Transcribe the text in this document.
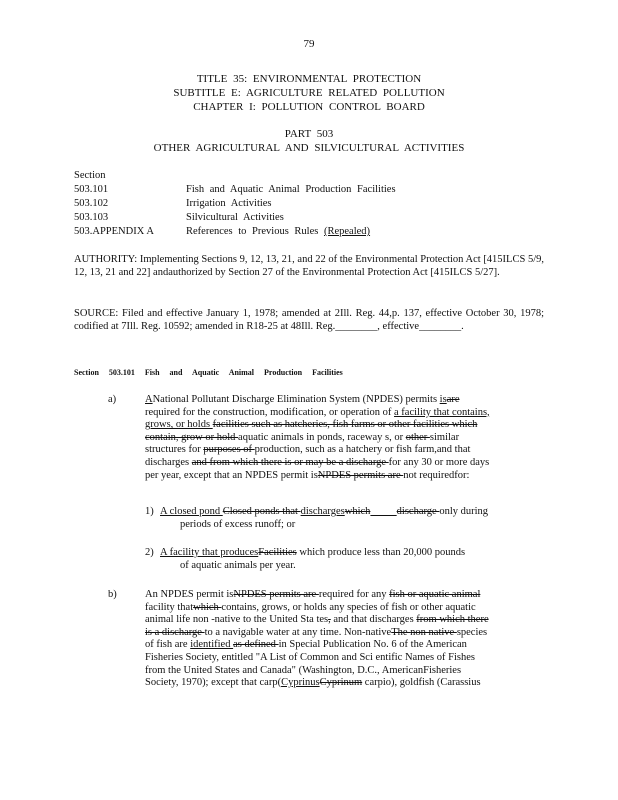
79
TITLE 35: ENVIRONMENTAL PROTECTION
SUBTITLE E: AGRICULTURE RELATED POLLUTION
CHAPTER I: POLLUTION CONTROL BOARD
PART 503
OTHER AGRICULTURAL AND SILVICULTURAL ACTIVITIES
Section
503.101	Fish and Aquatic Animal Production Facilities
503.102	Irrigation Activities
503.103	Silvicultural Activities
503.APPENDIX A	References to Previous Rules (Repealed)
AUTHORITY: Implementing Sections 9, 12, 13, 21, and 22 of the Environmental Protection Act [415ILCS 5/9, 12, 13, 21 and 22] andauthorized by Section 27 of the Environmental Protection Act [415ILCS 5/27].
SOURCE: Filed and effective January 1, 1978; amended at 2Ill. Reg. 44,p. 137, effective October 30, 1978; codified at 7Ill. Reg. 10592; amended in R18-25 at 48Ill. Reg.________, effective________.
Section 503.101 Fish and Aquatic Animal Production Facilities
a)	ANational Pollutant Discharge Elimination System (NPDES) permits isare
required for the construction, modification, or operation of a facility that contains,
grows, or holds facilities such as hatcheries, fish farms or other facilities which
contain, grow or hold aquatic animals in ponds, raceway s, or other similar
structures for purposes of production, such as a hatchery or fish farm,and that
discharges and from which there is or may be a discharge for any 30 or more days
per year, except that an NPDES permit isNPDES permits are not requiredfor:
1) A closed pond Closed ponds that dischargeswhich	discharge only during
periods of excess runoff; or
2) A facility that producesFacilities which produce less than 20,000 pounds
of aquatic animals per year.
b)	An NPDES permit isNPDES permits are required for any fish or aquatic animal
facility thatwhich contains, grows, or holds any species of fish or other aquatic
animal life non -native to the United Sta tes, and that discharges from which there
is a discharge to a navigable water at any time. Non-nativeThe non native species
of fish are identified as defined in Special Publication No. 6 of the American
Fisheries Society, entitled "A List of Common and Sci entific Names of Fishes
from the United States and Canada" (Washington, D.C., AmericanFisheries
Society, 1970); except that carp(CyprinusCyprinum carpio), goldfish (Carassius
